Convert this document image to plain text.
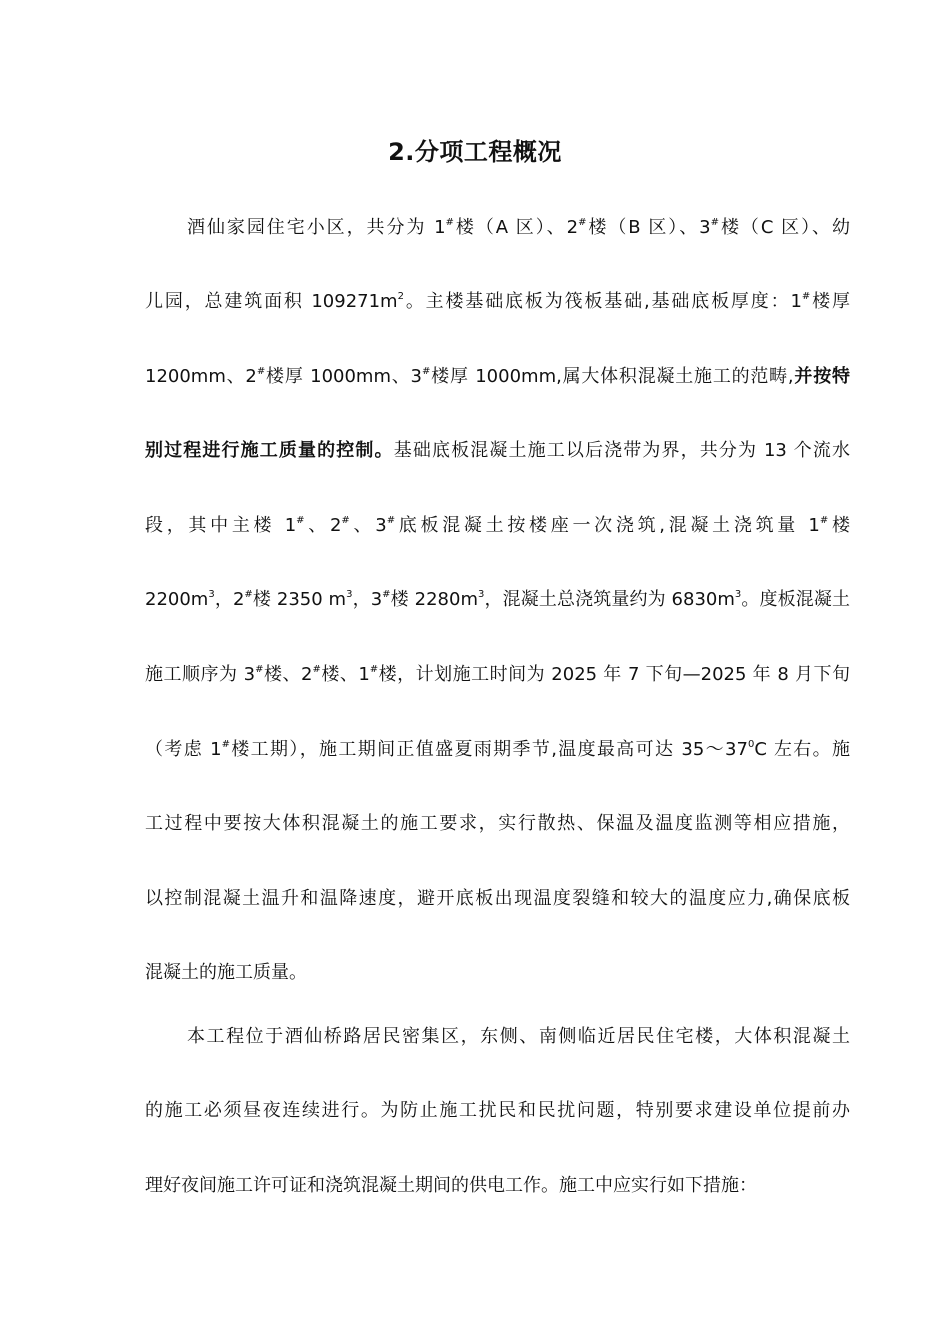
2.分项工程概况
酒仙家园住宅小区，共分为 1#楼（A 区）、2#楼（B 区）、3#楼（C 区）、幼
儿园，总建筑面积 $109271m^2$。主楼基础底板为筏板基础,基础底板厚度：1#楼厚
1200mm、2#楼厚 1000mm、3#楼厚 1000mm,属大体积混凝土施工的范畴,并按特
别过程进行施工质量的控制。基础底板混凝土施工以后浇带为界，共分为 13 个流水
段，其中主楼 1#、2#、3#底板混凝土按楼座一次浇筑,混凝土浇筑量 1#楼
$2200m^3$，2#楼 2350 $m^3$，3#楼 $2280m^3$，混凝土总浇筑量约为 $6830m^3$。度板混凝土
施工顺序为 3#楼、2#楼、1#楼，计划施工时间为 2025 年 7 下旬—2025 年 8 月下旬
（考虑 1#楼工期），施工期间正值盛夏雨期季节,温度最高可达 $35\sim 37^0C$ 左右。施
工过程中要按大体积混凝土的施工要求，实行散热、保温及温度监测等相应措施，
以控制混凝土温升和温降速度，避开底板出现温度裂缝和较大的温度应力,确保底板
混凝土的施工质量。
本工程位于酒仙桥路居民密集区，东侧、南侧临近居民住宅楼，大体积混凝土
的施工必须昼夜连续进行。为防止施工扰民和民扰问题，特别要求建设单位提前办
理好夜间施工许可证和浇筑混凝土期间的供电工作。施工中应实行如下措施：
